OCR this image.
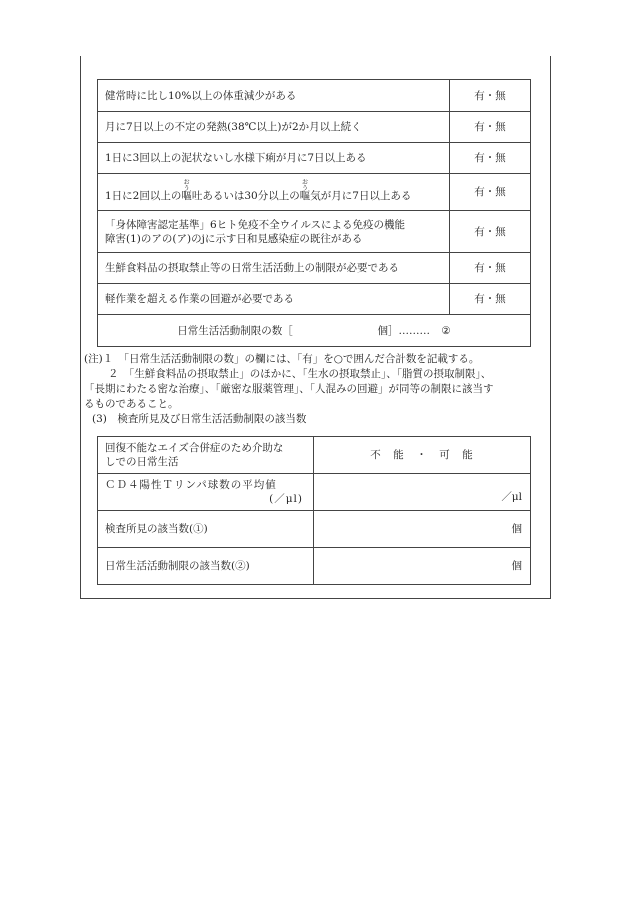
健常時に比し10%以上の体重減少がある	有・無
月に7日以上の不定の発熱(38℃以上)が2か月以上続く	有・無
1日に3回以上の泥状ないし水様下痢が月に7日以上ある	有・無
1日に2回以上の嘔
おう
吐あるいは30分以上の嘔
おう
気が月に7日以上ある	有・無

「身体障害認定基準」6ヒト免疫不全ウイルスによる免疫の機能
障害(1)のアの(ア)のjに示す日和見感染症の既往がある	有・無
生鮮食料品の摂取禁止等の日常生活活動上の制限が必要である	有・無
軽作業を超える作業の回避が必要である	有・無
日常生活活動制限の数［ 個］……… ②	

(注)１　「日常生活活動制限の数」の欄には、「有」を○で囲んだ合計数を記載する。

２　「生鮮食料品の摂取禁止」のほかに、「生水の摂取禁止」、「脂質の摂取制限」、

「長期にわたる密な治療」、「厳密な服薬管理」、「人混みの回避」が同等の制限に該当す

るものであること。

(3)　検査所見及び日常生活活動制限の該当数

回復不能なエイズ合併症のため介助な
しでの日常生活	不　能　・　可　能

ＣＤ４陽性Ｔリンパ球数の平均値
(／μl)	／μl
検査所見の該当数(①)	個
日常生活活動制限の該当数(②)	個
